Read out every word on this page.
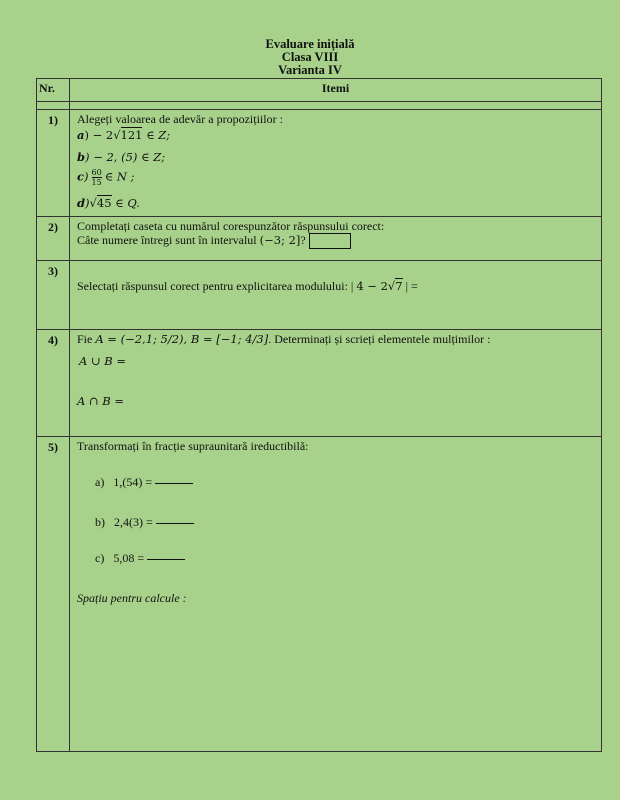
Evaluare inițială
Clasa VIII
Varianta IV
Nr.	Itemi
1)	Alegeți valoarea de adevăr a propozițiilor :
a) − 2√121 ∈ Z;
b) − 2, (5) ∈ Z;
$c) \frac{60}{15}$ ∈ N ;
d)√45 ∈ Q.
2)	Completați caseta cu numărul corespunzător răspunsului corect:
Câte numere întregi sunt în intervalul (−3; 2]?
3)
Selectați răspunsul corect pentru explicitarea modulului: | 4 − 2√7 | =
4)	Fie A = (−2,1; 5/2), B = [−1; 4/3]. Determinați și scrieți elementele mulțimilor :
A ∪ B =
A ∩ B =
5)	Transformați în fracție supraunitară ireductibilă:
a) 1,(54) =
b) 2,4(3) =
c) 5,08 =
Spațiu pentru calcule :
